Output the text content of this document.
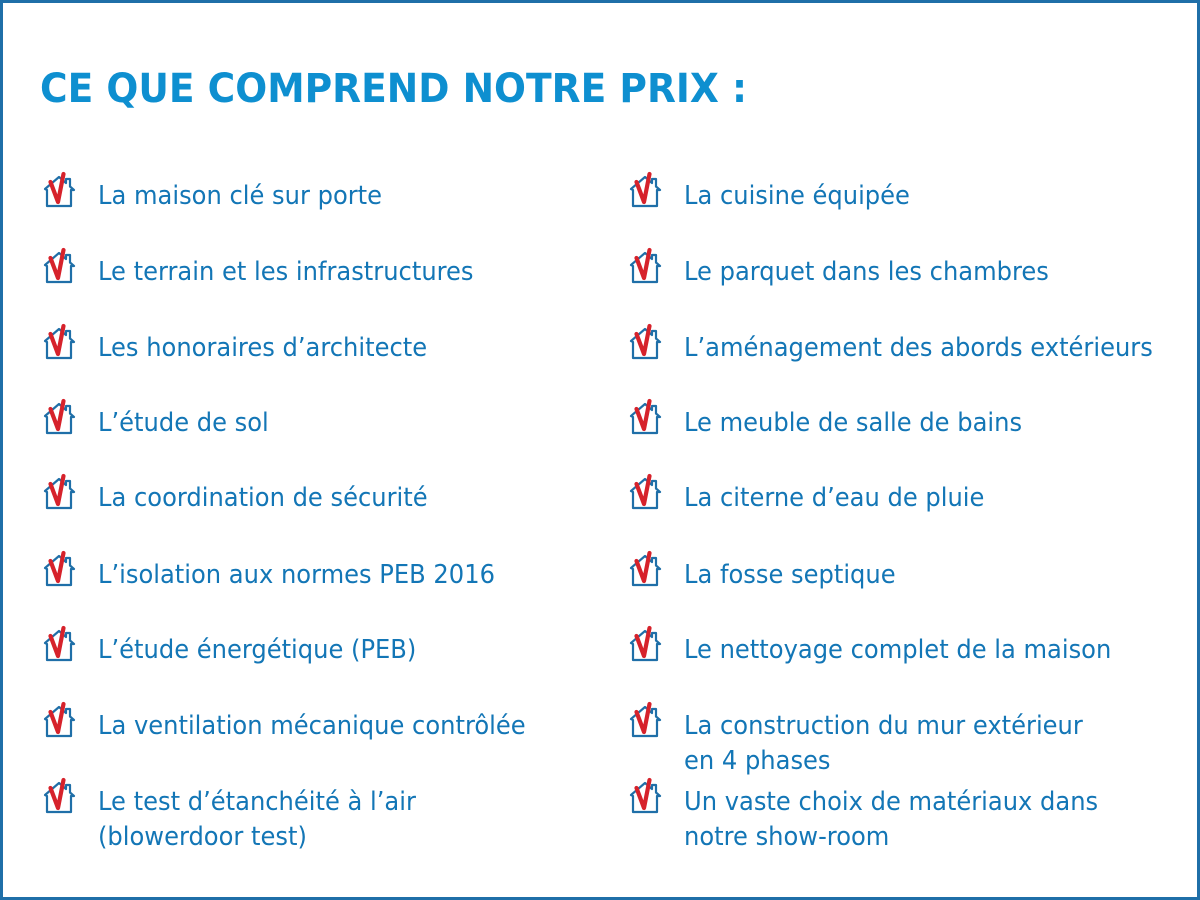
CE QUE COMPREND NOTRE PRIX :
La maison clé sur porte
Le terrain et les infrastructures
Les honoraires d’architecte
L’étude de sol
La coordination de sécurité
L’isolation aux normes PEB 2016
L’étude énergétique (PEB)
La ventilation mécanique contrôlée
Le test d’étanchéité à l’air
(blowerdoor test)
La cuisine équipée
Le parquet dans les chambres
L’aménagement des abords extérieurs
Le meuble de salle de bains
La citerne d’eau de pluie
La fosse septique
Le nettoyage complet de la maison
La construction du mur extérieur
en 4 phases
Un vaste choix de matériaux dans
notre show-room
